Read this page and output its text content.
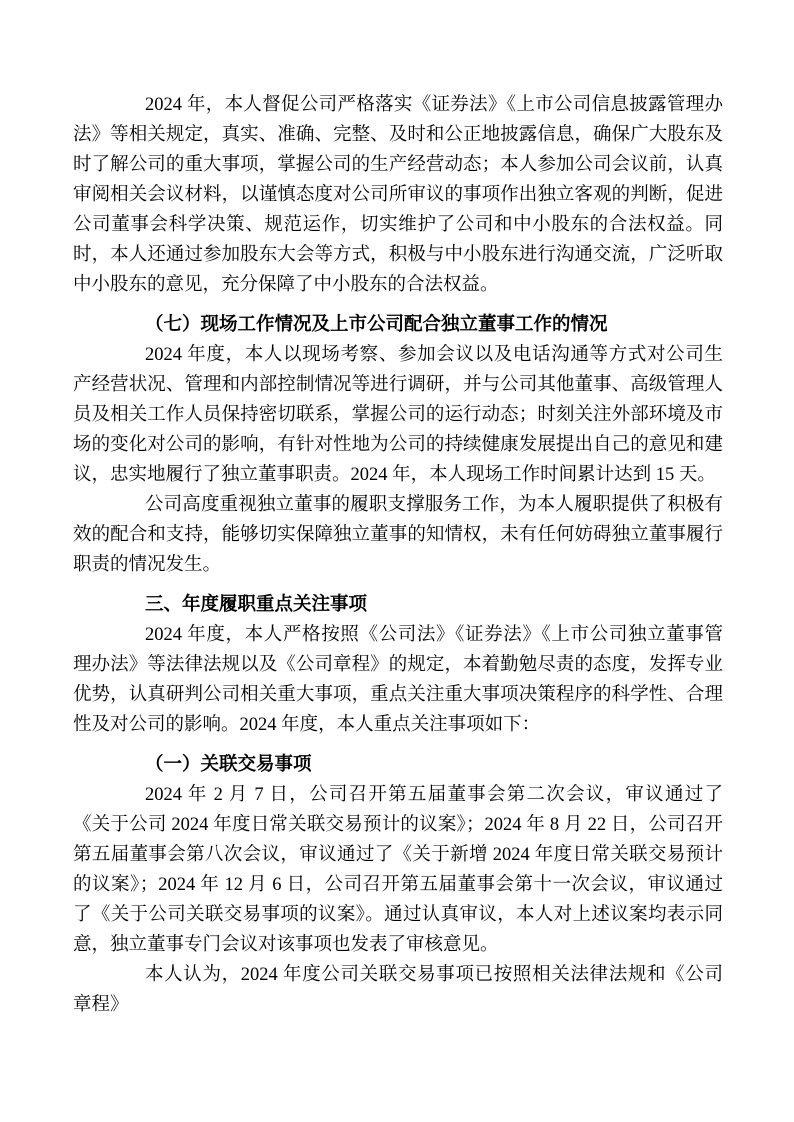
2024 年，本人督促公司严格落实《证券法》《上市公司信息披露管理办法》等相关规定，真实、准确、完整、及时和公正地披露信息，确保广大股东及时了解公司的重大事项，掌握公司的生产经营动态；本人参加公司会议前，认真审阅相关会议材料，以谨慎态度对公司所审议的事项作出独立客观的判断，促进公司董事会科学决策、规范运作，切实维护了公司和中小股东的合法权益。同时，本人还通过参加股东大会等方式，积极与中小股东进行沟通交流，广泛听取中小股东的意见，充分保障了中小股东的合法权益。

（七）现场工作情况及上市公司配合独立董事工作的情况

2024 年度，本人以现场考察、参加会议以及电话沟通等方式对公司生产经营状况、管理和内部控制情况等进行调研，并与公司其他董事、高级管理人员及相关工作人员保持密切联系，掌握公司的运行动态；时刻关注外部环境及市场的变化对公司的影响，有针对性地为公司的持续健康发展提出自己的意见和建议，忠实地履行了独立董事职责。2024 年，本人现场工作时间累计达到 15 天。

公司高度重视独立董事的履职支撑服务工作，为本人履职提供了积极有效的配合和支持，能够切实保障独立董事的知情权，未有任何妨碍独立董事履行职责的情况发生。

三、年度履职重点关注事项

2024 年度，本人严格按照《公司法》《证券法》《上市公司独立董事管理办法》等法律法规以及《公司章程》的规定，本着勤勉尽责的态度，发挥专业优势，认真研判公司相关重大事项，重点关注重大事项决策程序的科学性、合理性及对公司的影响。2024 年度，本人重点关注事项如下：

（一）关联交易事项

2024 年 2 月 7 日，公司召开第五届董事会第二次会议，审议通过了《关于公司 2024 年度日常关联交易预计的议案》；2024 年 8 月 22 日，公司召开第五届董事会第八次会议，审议通过了《关于新增 2024 年度日常关联交易预计的议案》；2024 年 12 月 6 日，公司召开第五届董事会第十一次会议，审议通过了《关于公司关联交易事项的议案》。通过认真审议，本人对上述议案均表示同意，独立董事专门会议对该事项也发表了审核意见。

本人认为，2024 年度公司关联交易事项已按照相关法律法规和《公司章程》
